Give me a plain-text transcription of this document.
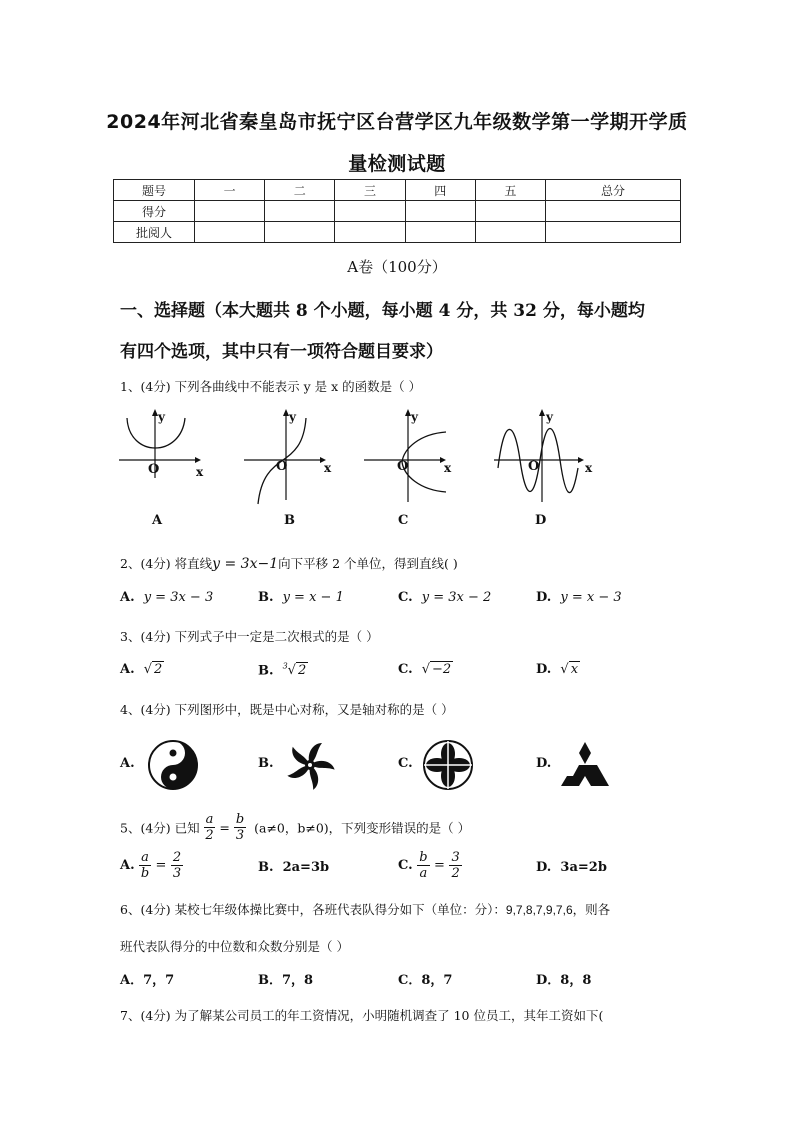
2024年河北省秦皇岛市抚宁区台营学区九年级数学第一学期开学质
量检测试题
题号	一	二	三	四	五	总分
得分						
批阅人						
A卷（100分）
一、选择题（本大题共 8 个小题，每小题 4 分，共 32 分，每小题均
有四个选项，其中只有一项符合题目要求）
1、(4分) 下列各曲线中不能表示 y 是 x 的函数是（ ）
y
x
O
A
y
x
O
B
y
x
O
C
y
x
O
D
2、(4分) 将直线y = 3x−1向下平移 2 个单位，得到直线( )
A. y = 3x − 3	B. y = x − 1	C. y = 3x − 2	D. y = x − 3
3、(4分) 下列式子中一定是二次根式的是（ ）
A. √ 2	B. $^3$√ 2	C. √ −2	D. √ x
4、(4分) 下列图形中，既是中心对称，又是轴对称的是（ ）
A.	B.	C.	D.
5、(4分) 已知 $\frac{a}{2} = \frac{b}{3} (a\ne 0$，b≠0)，下列变形错误的是（ ）
A. $\frac{a}{b} = \frac{2}{3}$	B. 2a=3b	C. $\frac{b}{a} = \frac{3}{2}$	D. 3a=2b
6、(4分) 某校七年级体操比赛中，各班代表队得分如下（单位：分）：9,7,8,7,9,7,6，则各
班代表队得分的中位数和众数分别是（ ）
A．7，7	B．7，8	C．8，7	D．8，8
7、(4分) 为了解某公司员工的年工资情况，小明随机调查了 10 位员工，其年工资如下(
